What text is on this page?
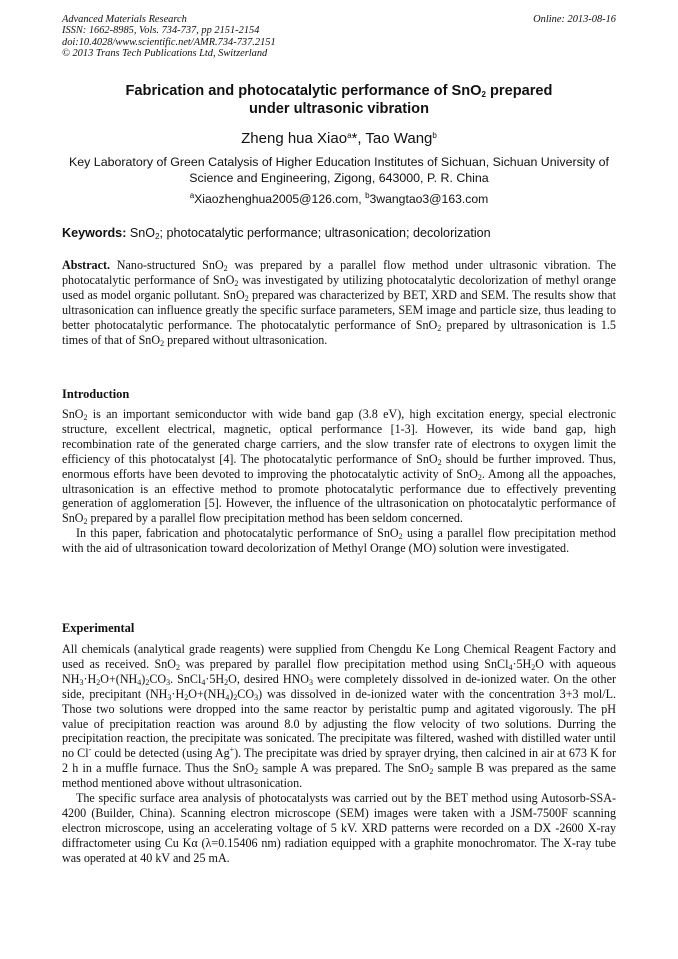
Advanced Materials Research
ISSN: 1662-8985, Vols. 734-737, pp 2151-2154
doi:10.4028/www.scientific.net/AMR.734-737.2151
© 2013 Trans Tech Publications Ltd, Switzerland
Online: 2013-08-16
Fabrication and photocatalytic performance of SnO$_2$ prepared
under ultrasonic vibration
Zheng hua Xiao$^a$*, Tao Wang$^b$
Key Laboratory of Green Catalysis of Higher Education Institutes of Sichuan, Sichuan University of Science and Engineering, Zigong, 643000, P. R. China
$^a$Xiaozhenghua2005@126.com, $^b$3wangtao3@163.com
Keywords: SnO$_2$; photocatalytic performance; ultrasonication; decolorization

Abstract. Nano-structured SnO$_2$ was prepared by a parallel flow method under ultrasonic vibration. The photocatalytic performance of SnO$_2$ was investigated by utilizing photocatalytic decolorization of methyl orange used as model organic pollutant. SnO$_2$ prepared was characterized by BET, XRD and SEM. The results show that ultrasonication can influence greatly the specific surface parameters, SEM image and particle size, thus leading to better photocatalytic performance. The photocatalytic performance of SnO$_2$ prepared by ultrasonication is 1.5 times of that of SnO$_2$ prepared without ultrasonication.

Introduction

SnO$_2$ is an important semiconductor with wide band gap (3.8 eV), high excitation energy, special electronic structure, excellent electrical, magnetic, optical performance [1-3]. However, its wide band gap, high recombination rate of the generated charge carriers, and the slow transfer rate of electrons to oxygen limit the efficiency of this photocatalyst [4]. The photocatalytic performance of SnO$_2$ should be further improved. Thus, enormous efforts have been devoted to improving the photocatalytic activity of SnO$_2$. Among all the appoaches, ultrasonication is an effective method to promote photocatalytic performance due to effectively preventing generation of agglomeration [5]. However, the influence of the ultrasonication on photocatalytic performance of SnO$_2$ prepared by a parallel flow precipitation method has been seldom concerned.

In this paper, fabrication and photocatalytic performance of SnO$_2$ using a parallel flow precipitation method with the aid of ultrasonication toward decolorization of Methyl Orange (MO) solution were investigated.

Experimental

All chemicals (analytical grade reagents) were supplied from Chengdu Ke Long Chemical Reagent Factory and used as received. SnO$_2$ was prepared by parallel flow precipitation method using $SnCl_4\cdot 5H_2O$ with aqueous $NH_3\cdot H_2O+(NH_4)_2CO_3$. $SnCl_4\cdot 5H_2O$, desired $HNO_3$ were completely dissolved in de-ionized water. On the other side, precipitant $(NH_3\cdot H_2O+(NH_4)_2CO_3)$ was dissolved in de-ionized water with the concentration 3+3 mol/L. Those two solutions were dropped into the same reactor by peristaltic pump and agitated vigorously. The pH value of precipitation reaction was around 8.0 by adjusting the flow velocity of two solutions. Durring the precipitation reaction, the precipitate was sonicated. The precipitate was filtered, washed with distilled water until no Cl- could be detected (using Ag+). The precipitate was dried by sprayer drying, then calcined in air at 673 K for 2 h in a muffle furnace. Thus the SnO$_2$ sample A was prepared. The SnO$_2$ sample B was prepared as the same method mentioned above without ultrasonication.

The specific surface area analysis of photocatalysts was carried out by the BET method using Autosorb-SSA-4200 (Builder, China). Scanning electron microscope (SEM) images were taken with a JSM-7500F scanning electron microscope, using an accelerating voltage of 5 kV. XRD patterns were recorded on a DX -2600 X-ray diffractometer using Cu Kα (λ=0.15406 nm) radiation equipped with a graphite monochromator. The X-ray tube was operated at 40 kV and 25 mA.
